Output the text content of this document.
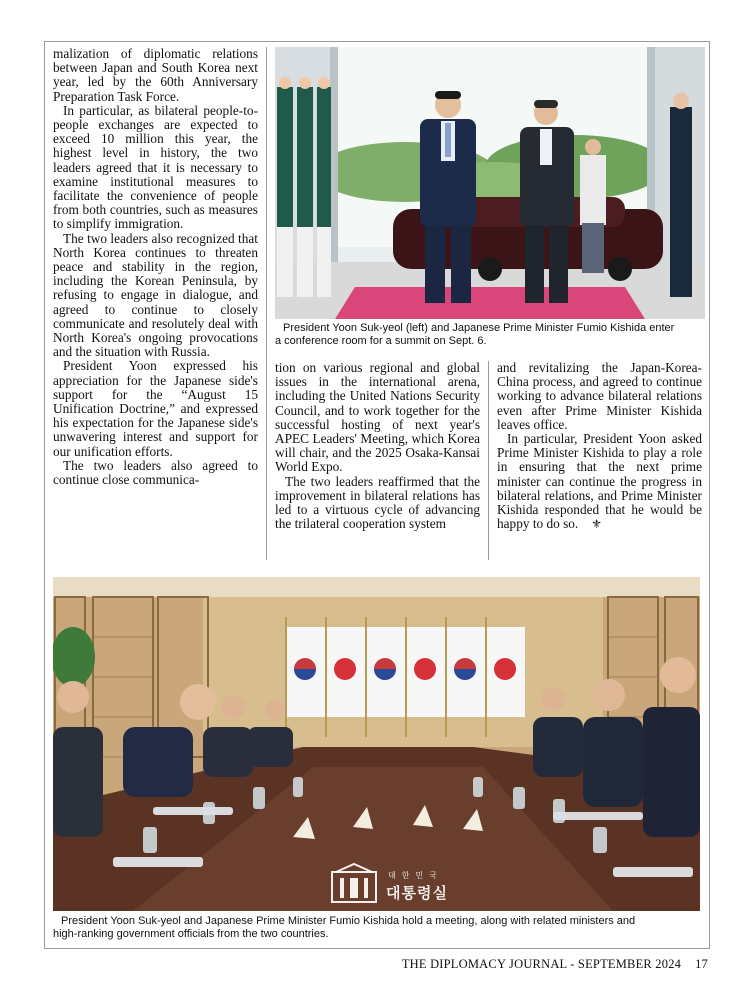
malization of diplomatic relations between Japan and South Korea next year, led by the 60th Anniversary Preparation Task Force.

In particular, as bilateral people-to-people exchanges are expected to exceed 10 million this year, the highest level in history, the two leaders agreed that it is necessary to examine institutional measures to facilitate the convenience of people from both countries, such as measures to simplify immigration.

The two leaders also recognized that North Korea continues to threaten peace and stability in the region, including the Korean Peninsula, by refusing to engage in dialogue, and agreed to continue to closely communicate and resolutely deal with North Korea's ongoing provocations and the situation with Russia.

President Yoon expressed his appreciation for the Japanese side's support for the “August 15 Unification Doctrine,” and expressed his expectation for the Japanese side's unwavering interest and support for our unification efforts.

The two leaders also agreed to continue close communica-

President Yoon Suk-yeol (left) and Japanese Prime Minister Fumio Kishida enter
a conference room for a summit on Sept. 6.

tion on various regional and global issues in the international arena, including the United Nations Security Council, and to work together for the successful hosting of next year's APEC Leaders' Meeting, which Korea will chair, and the 2025 Osaka-Kansai World Expo.

The two leaders reaffirmed that the improvement in bilateral relations has led to a virtuous cycle of advancing the trilateral cooperation system

and revitalizing the Japan-Korea-China process, and agreed to continue working to advance bilateral relations even after Prime Minister Kishida leaves office.

In particular, President Yoon asked Prime Minister Kishida to play a role in ensuring that the next prime minister can continue the progress in bilateral relations, and Prime Minister Kishida responded that he would be happy to do so. ⚜

대한민국
대통령실
President Yoon Suk-yeol and Japanese Prime Minister Fumio Kishida hold a meeting, along with related ministers and
high-ranking government officials from the two countries.
THE DIPLOMACY JOURNAL - SEPTEMBER 2024 17
